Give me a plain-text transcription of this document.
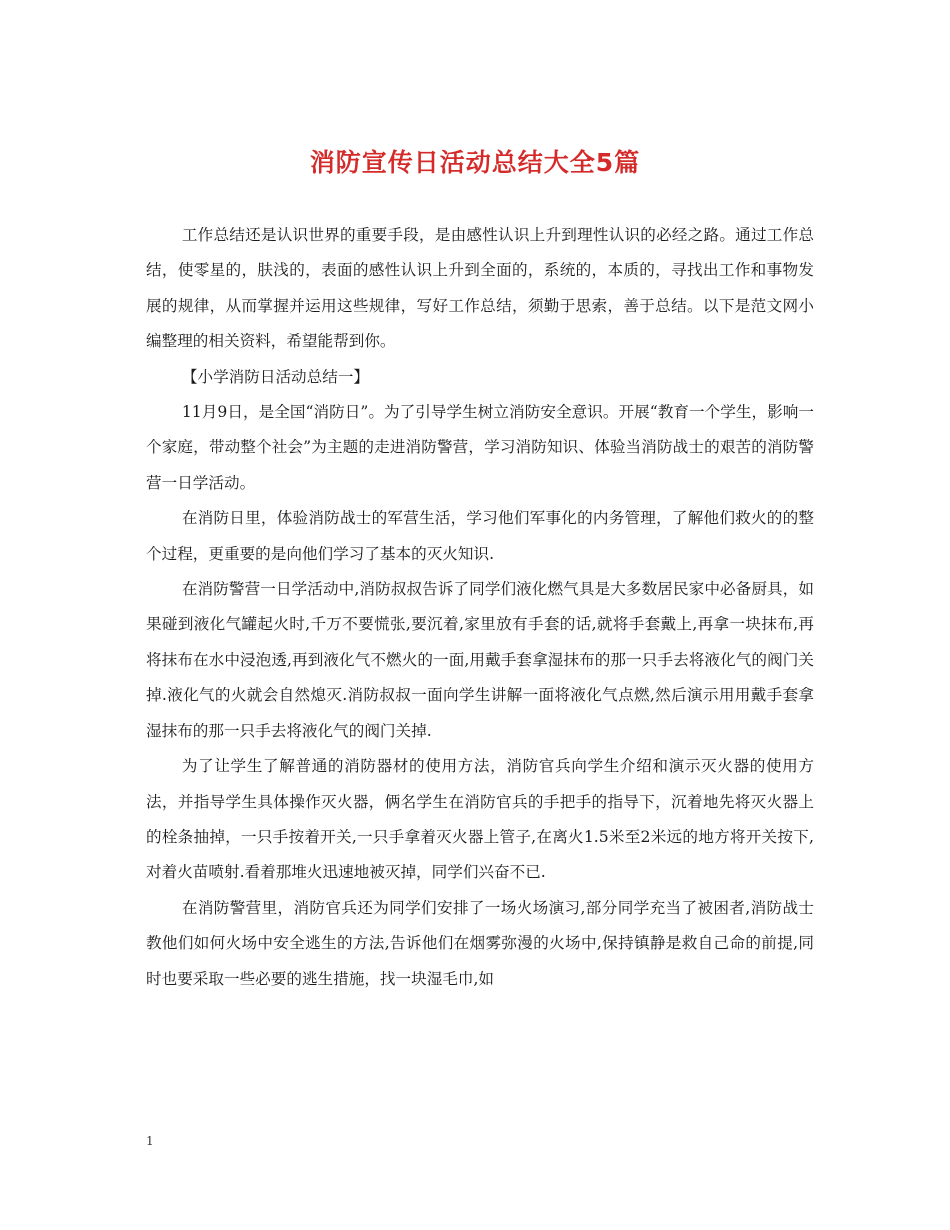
消防宣传日活动总结大全5篇

工作总结还是认识世界的重要手段，是由感性认识上升到理性认识的必经之路。通过工作总结，使零星的，肤浅的，表面的感性认识上升到全面的，系统的，本质的，寻找出工作和事物发展的规律，从而掌握并运用这些规律，写好工作总结，须勤于思索，善于总结。以下是范文网小编整理的相关资料，希望能帮到你。

【小学消防日活动总结一】

11月9日，是全国“消防日”。为了引导学生树立消防安全意识。开展“教育一个学生，影响一个家庭，带动整个社会”为主题的走进消防警营，学习消防知识、体验当消防战士的艰苦的消防警营一日学活动。

在消防日里，体验消防战士的军营生活，学习他们军事化的内务管理，了解他们救火的的整个过程，更重要的是向他们学习了基本的灭火知识.

在消防警营一日学活动中,消防叔叔告诉了同学们液化燃气具是大多数居民家中必备厨具，如果碰到液化气罐起火时,千万不要慌张,要沉着,家里放有手套的话,就将手套戴上,再拿一块抹布,再将抹布在水中浸泡透,再到液化气不燃火的一面,用戴手套拿湿抹布的那一只手去将液化气的阀门关掉.液化气的火就会自然熄灭.消防叔叔一面向学生讲解一面将液化气点燃,然后演示用用戴手套拿湿抹布的那一只手去将液化气的阀门关掉.

为了让学生了解普通的消防器材的使用方法，消防官兵向学生介绍和演示灭火器的使用方法，并指导学生具体操作灭火器，俩名学生在消防官兵的手把手的指导下，沉着地先将灭火器上的栓条抽掉，一只手按着开关,一只手拿着灭火器上管子,在离火1.5米至2米远的地方将开关按下,对着火苗喷射.看着那堆火迅速地被灭掉，同学们兴奋不已.

在消防警营里，消防官兵还为同学们安排了一场火场演习,部分同学充当了被困者,消防战士教他们如何火场中安全逃生的方法,告诉他们在烟雾弥漫的火场中,保持镇静是救自己命的前提,同时也要采取一些必要的逃生措施，找一块湿毛巾,如

1
